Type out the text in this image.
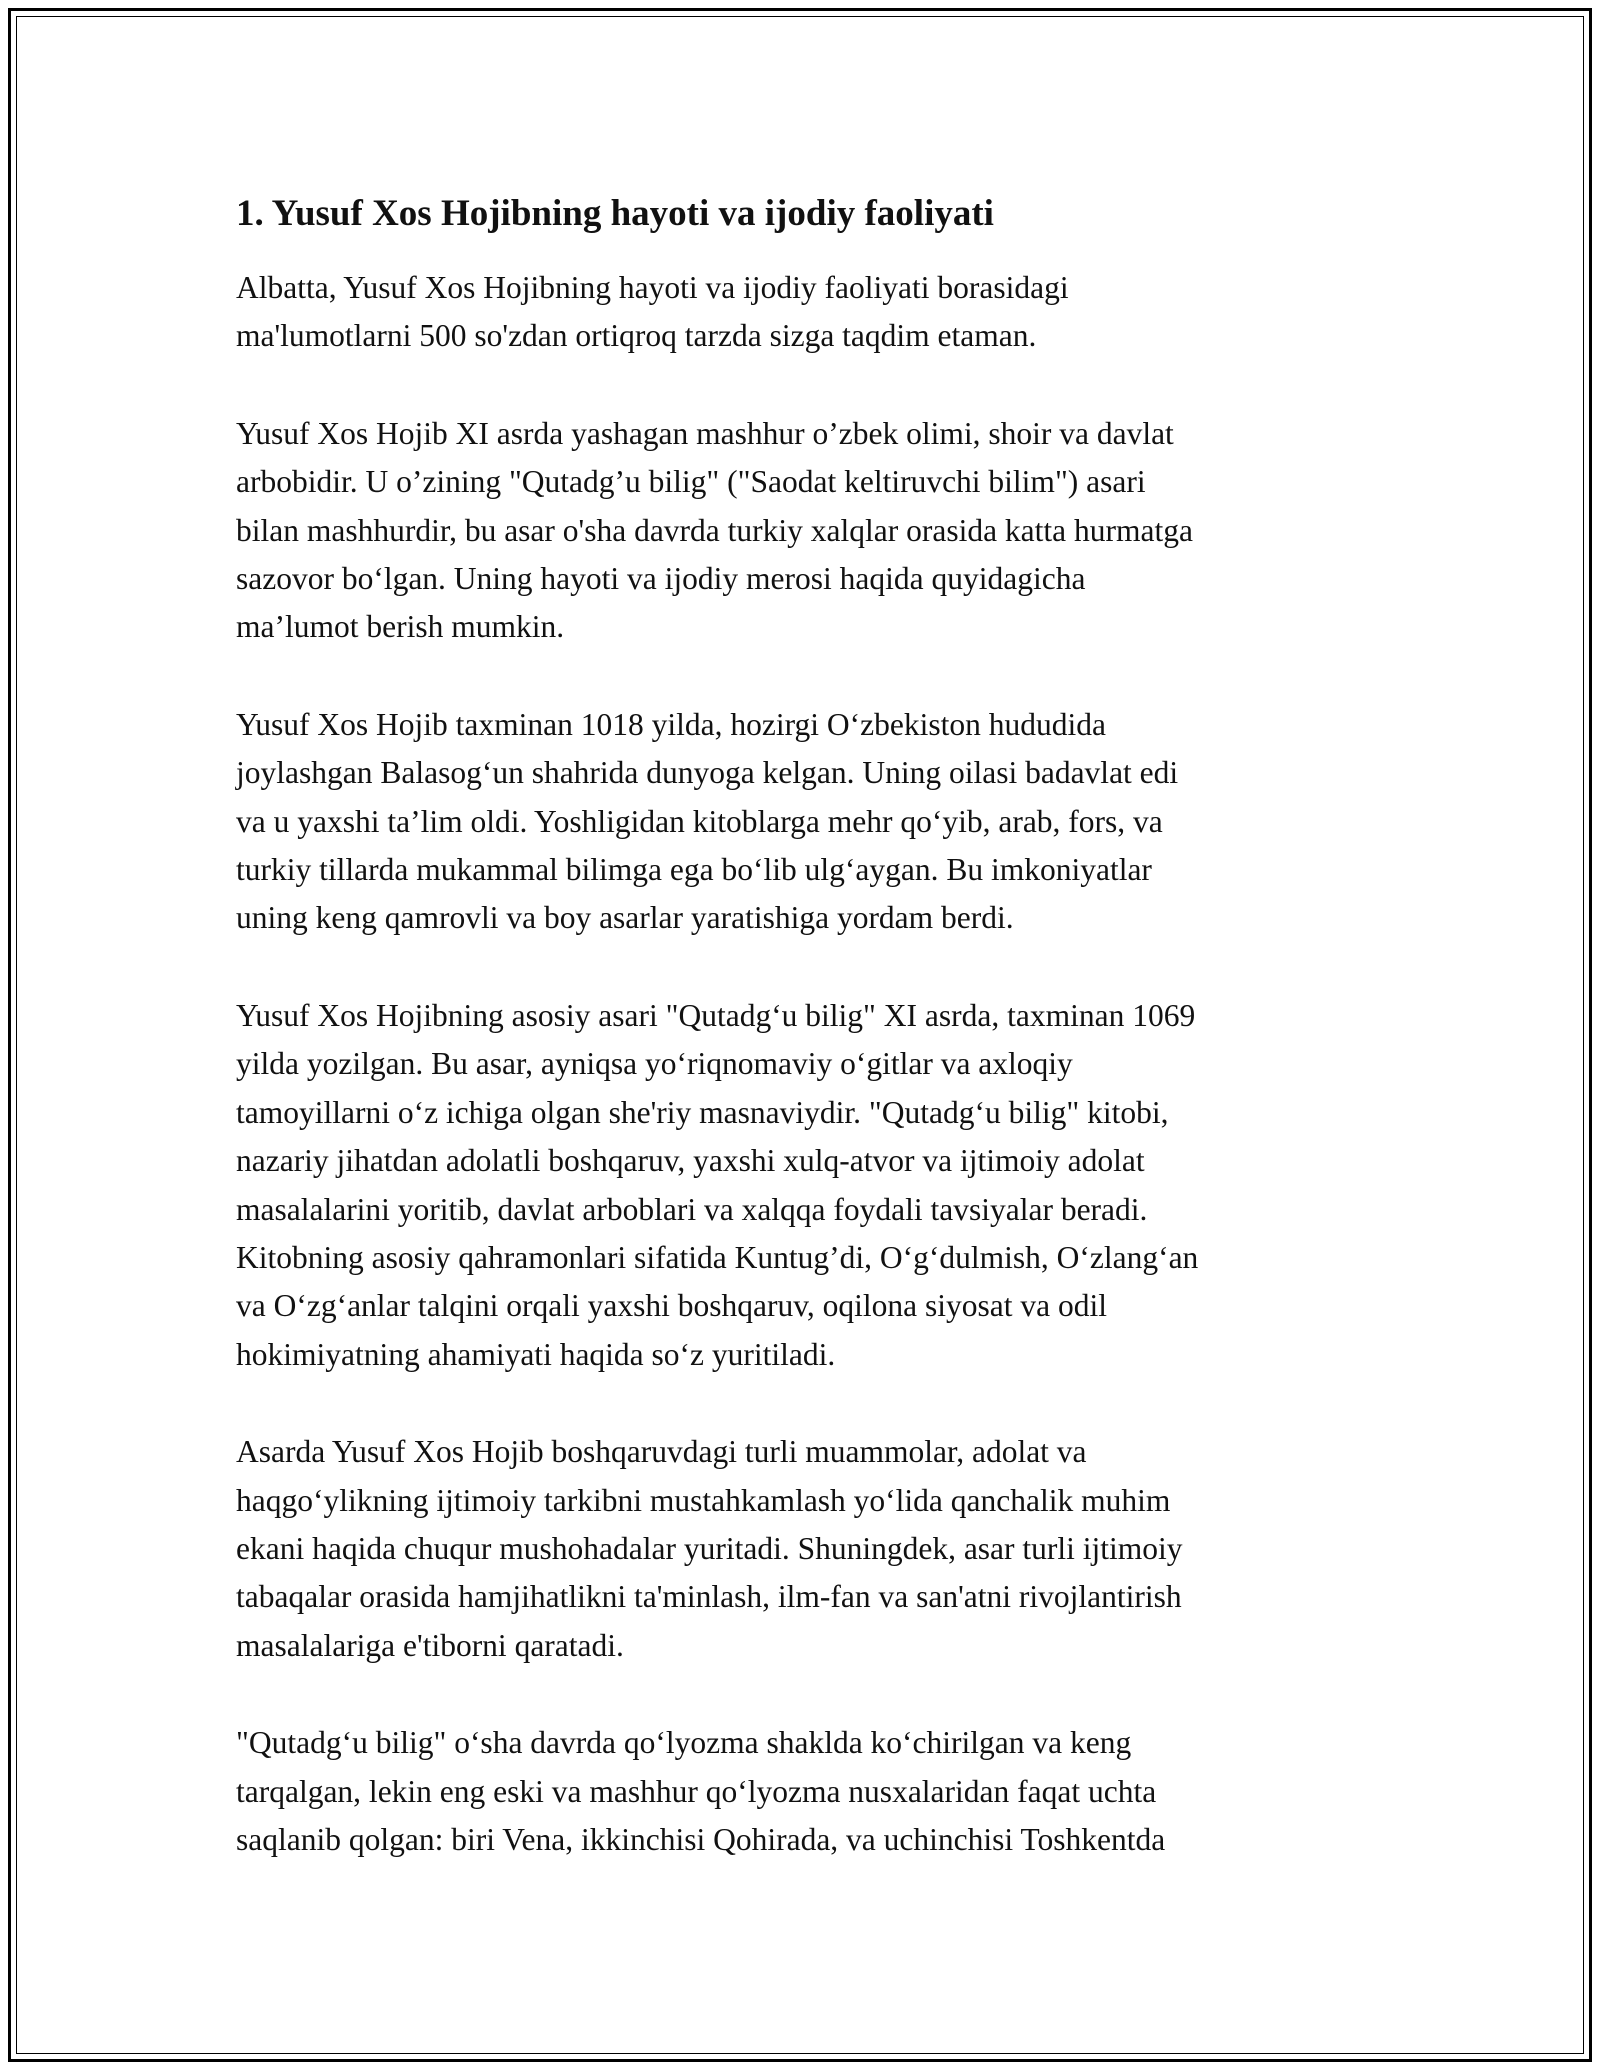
1. Yusuf Xos Hojibning hayoti va ijodiy faoliyati

Albatta, Yusuf Xos Hojibning hayoti va ijodiy faoliyati borasidagi
ma'lumotlarni 500 so'zdan ortiqroq tarzda sizga taqdim etaman.

Yusuf Xos Hojib XI asrda yashagan mashhur o’zbek olimi, shoir va davlat
arbobidir. U o’zining "Qutadg’u bilig" ("Saodat keltiruvchi bilim") asari
bilan mashhurdir, bu asar o'sha davrda turkiy xalqlar orasida katta hurmatga
sazovor bo‘lgan. Uning hayoti va ijodiy merosi haqida quyidagicha
ma’lumot berish mumkin.

Yusuf Xos Hojib taxminan 1018 yilda, hozirgi O‘zbekiston hududida
joylashgan Balasog‘un shahrida dunyoga kelgan. Uning oilasi badavlat edi
va u yaxshi ta’lim oldi. Yoshligidan kitoblarga mehr qo‘yib, arab, fors, va
turkiy tillarda mukammal bilimga ega bo‘lib ulg‘aygan. Bu imkoniyatlar
uning keng qamrovli va boy asarlar yaratishiga yordam berdi.

Yusuf Xos Hojibning asosiy asari "Qutadg‘u bilig" XI asrda, taxminan 1069
yilda yozilgan. Bu asar, ayniqsa yo‘riqnomaviy o‘gitlar va axloqiy
tamoyillarni o‘z ichiga olgan she'riy masnaviydir. "Qutadg‘u bilig" kitobi,
nazariy jihatdan adolatli boshqaruv, yaxshi xulq-atvor va ijtimoiy adolat
masalalarini yoritib, davlat arboblari va xalqqa foydali tavsiyalar beradi.
Kitobning asosiy qahramonlari sifatida Kuntug’di, O‘g‘dulmish, O‘zlang‘an
va O‘zg‘anlar talqini orqali yaxshi boshqaruv, oqilona siyosat va odil
hokimiyatning ahamiyati haqida so‘z yuritiladi.

Asarda Yusuf Xos Hojib boshqaruvdagi turli muammolar, adolat va
haqgo‘ylikning ijtimoiy tarkibni mustahkamlash yo‘lida qanchalik muhim
ekani haqida chuqur mushohadalar yuritadi. Shuningdek, asar turli ijtimoiy
tabaqalar orasida hamjihatlikni ta'minlash, ilm-fan va san'atni rivojlantirish
masalalariga e'tiborni qaratadi.

"Qutadg‘u bilig" o‘sha davrda qo‘lyozma shaklda ko‘chirilgan va keng
tarqalgan, lekin eng eski va mashhur qo‘lyozma nusxalaridan faqat uchta
saqlanib qolgan: biri Vena, ikkinchisi Qohirada, va uchinchisi Toshkentda
